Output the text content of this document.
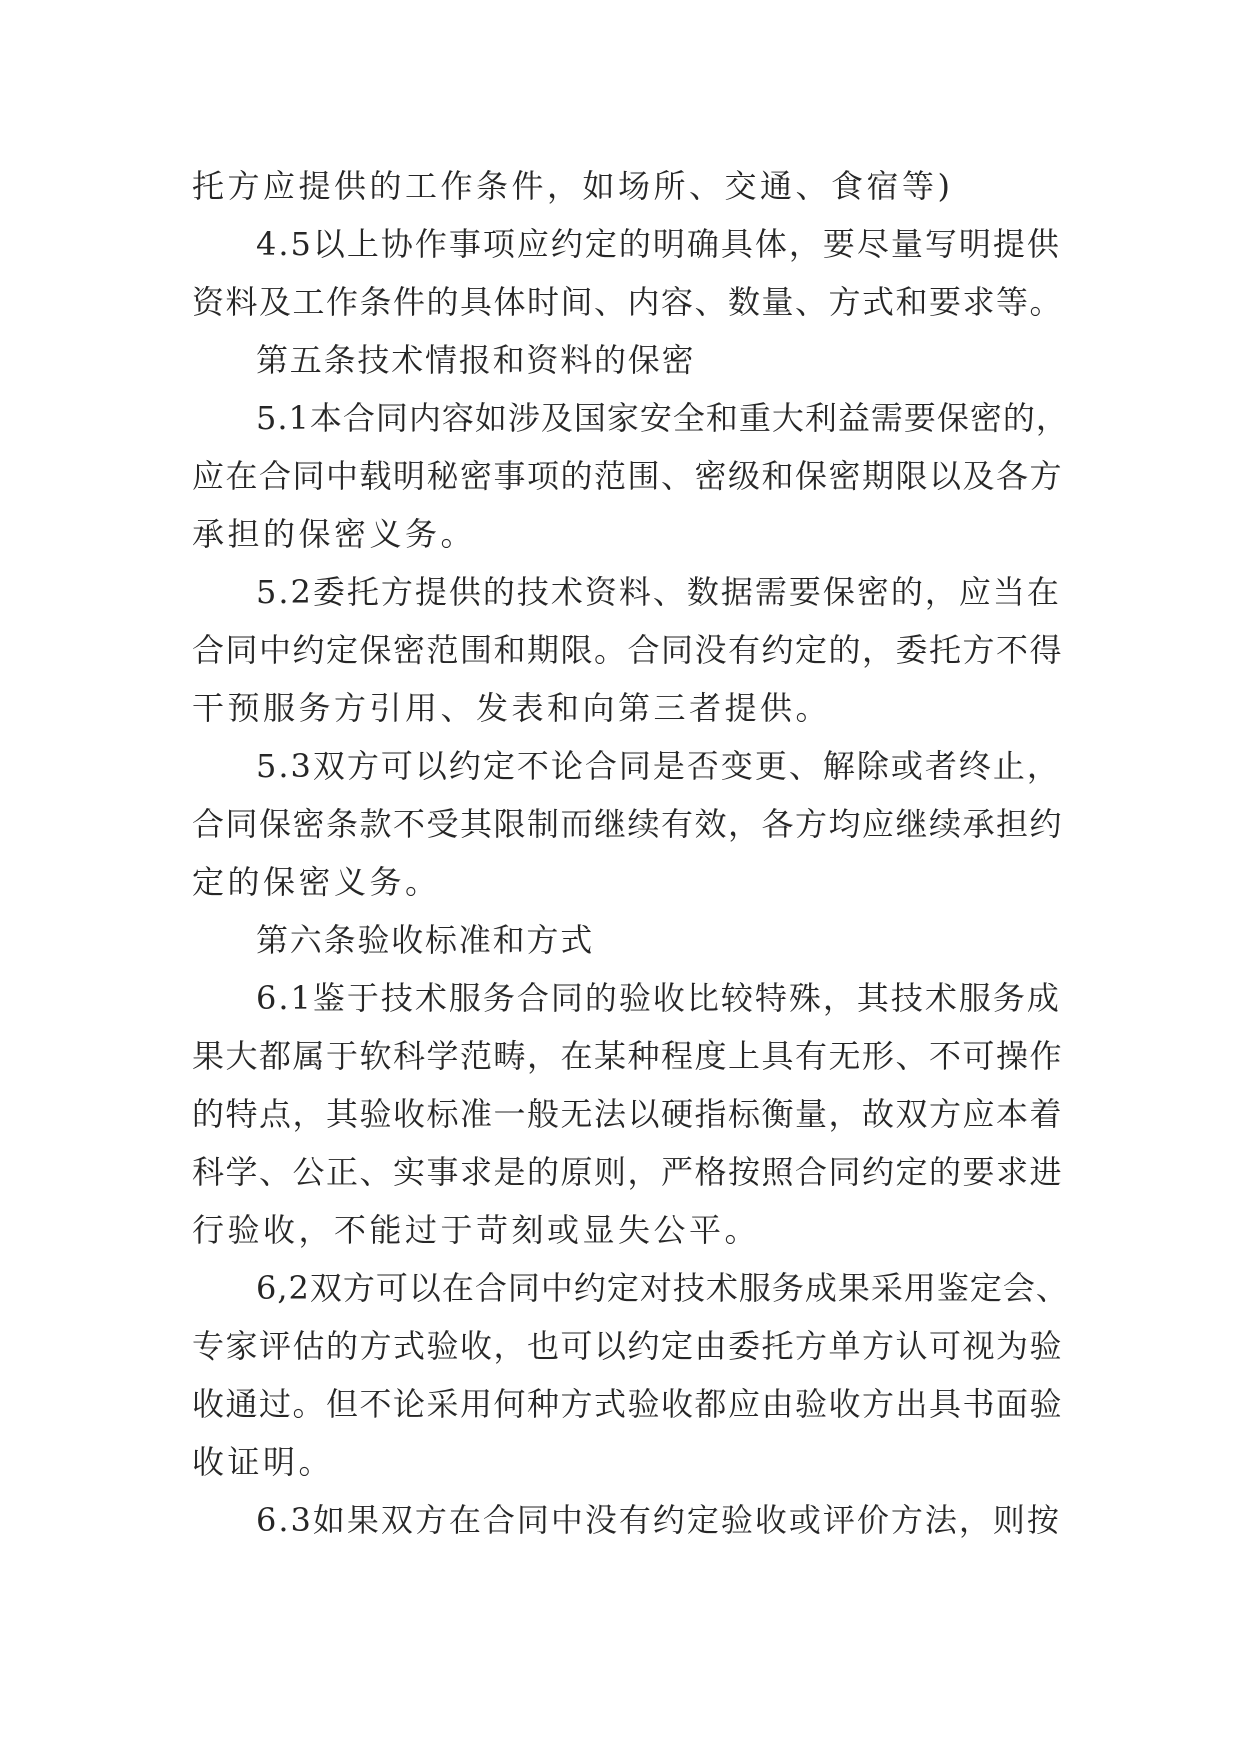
托方应提供的工作条件，如场所、交通、食宿等)

4.5以上协作事项应约定的明确具体，要尽量写明提供

资料及工作条件的具体时间、内容、数量、方式和要求等。

第五条技术情报和资料的保密

5.1本合同内容如涉及国家安全和重大利益需要保密的，

应在合同中载明秘密事项的范围、密级和保密期限以及各方

承担的保密义务。

5.2委托方提供的技术资料、数据需要保密的，应当在

合同中约定保密范围和期限。合同没有约定的，委托方不得

干预服务方引用、发表和向第三者提供。

5.3双方可以约定不论合同是否变更、解除或者终止，

合同保密条款不受其限制而继续有效，各方均应继续承担约

定的保密义务。

第六条验收标准和方式

6.1鉴于技术服务合同的验收比较特殊，其技术服务成

果大都属于软科学范畴，在某种程度上具有无形、不可操作

的特点，其验收标准一般无法以硬指标衡量，故双方应本着

科学、公正、实事求是的原则，严格按照合同约定的要求进

行验收，不能过于苛刻或显失公平。

6,2双方可以在合同中约定对技术服务成果采用鉴定会、

专家评估的方式验收，也可以约定由委托方单方认可视为验

收通过。但不论采用何种方式验收都应由验收方出具书面验

收证明。

6.3如果双方在合同中没有约定验收或评价方法，则按
